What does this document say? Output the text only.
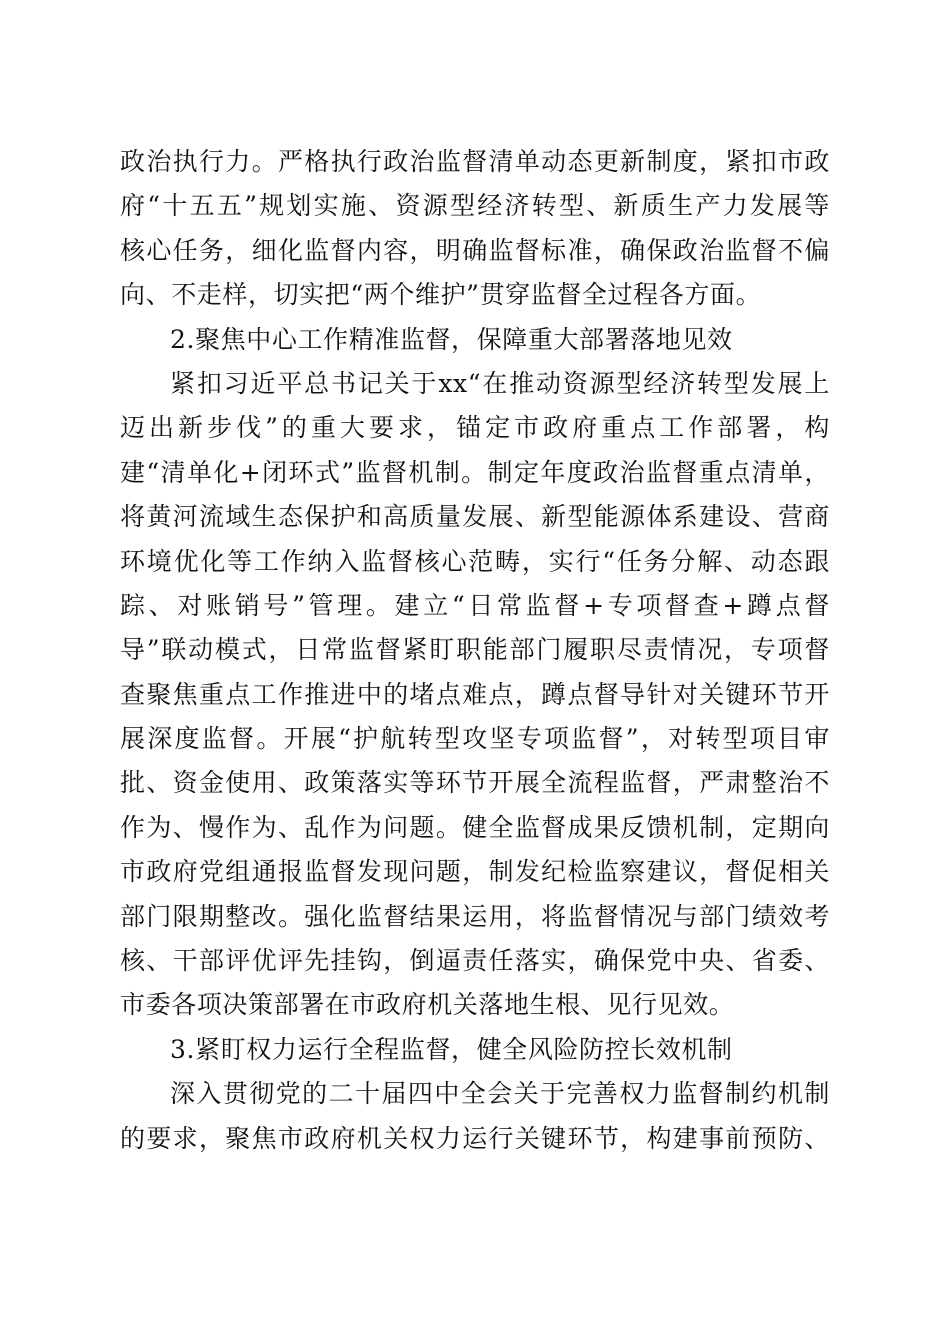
政治执行力。严格执行政治监督清单动态更新制度，紧扣市政
府“十五五”规划实施、资源型经济转型、新质生产力发展等
核心任务，细化监督内容，明确监督标准，确保政治监督不偏
向、不走样，切实把“两个维护”贯穿监督全过程各方面。
2.聚焦中心工作精准监督，保障重大部署落地见效
紧扣习近平总书记关于xx“在推动资源型经济转型发展上
迈出新步伐”的重大要求，锚定市政府重点工作部署，构
建“清单化+闭环式”监督机制。制定年度政治监督重点清单，
将黄河流域生态保护和高质量发展、新型能源体系建设、营商
环境优化等工作纳入监督核心范畴，实行“任务分解、动态跟
踪、对账销号”管理。建立“日常监督+专项督查+蹲点督
导”联动模式，日常监督紧盯职能部门履职尽责情况，专项督
查聚焦重点工作推进中的堵点难点，蹲点督导针对关键环节开
展深度监督。开展“护航转型攻坚专项监督”，对转型项目审
批、资金使用、政策落实等环节开展全流程监督，严肃整治不
作为、慢作为、乱作为问题。健全监督成果反馈机制，定期向
市政府党组通报监督发现问题，制发纪检监察建议，督促相关
部门限期整改。强化监督结果运用，将监督情况与部门绩效考
核、干部评优评先挂钩，倒逼责任落实，确保党中央、省委、
市委各项决策部署在市政府机关落地生根、见行见效。
3.紧盯权力运行全程监督，健全风险防控长效机制
深入贯彻党的二十届四中全会关于完善权力监督制约机制
的要求，聚焦市政府机关权力运行关键环节，构建事前预防、
